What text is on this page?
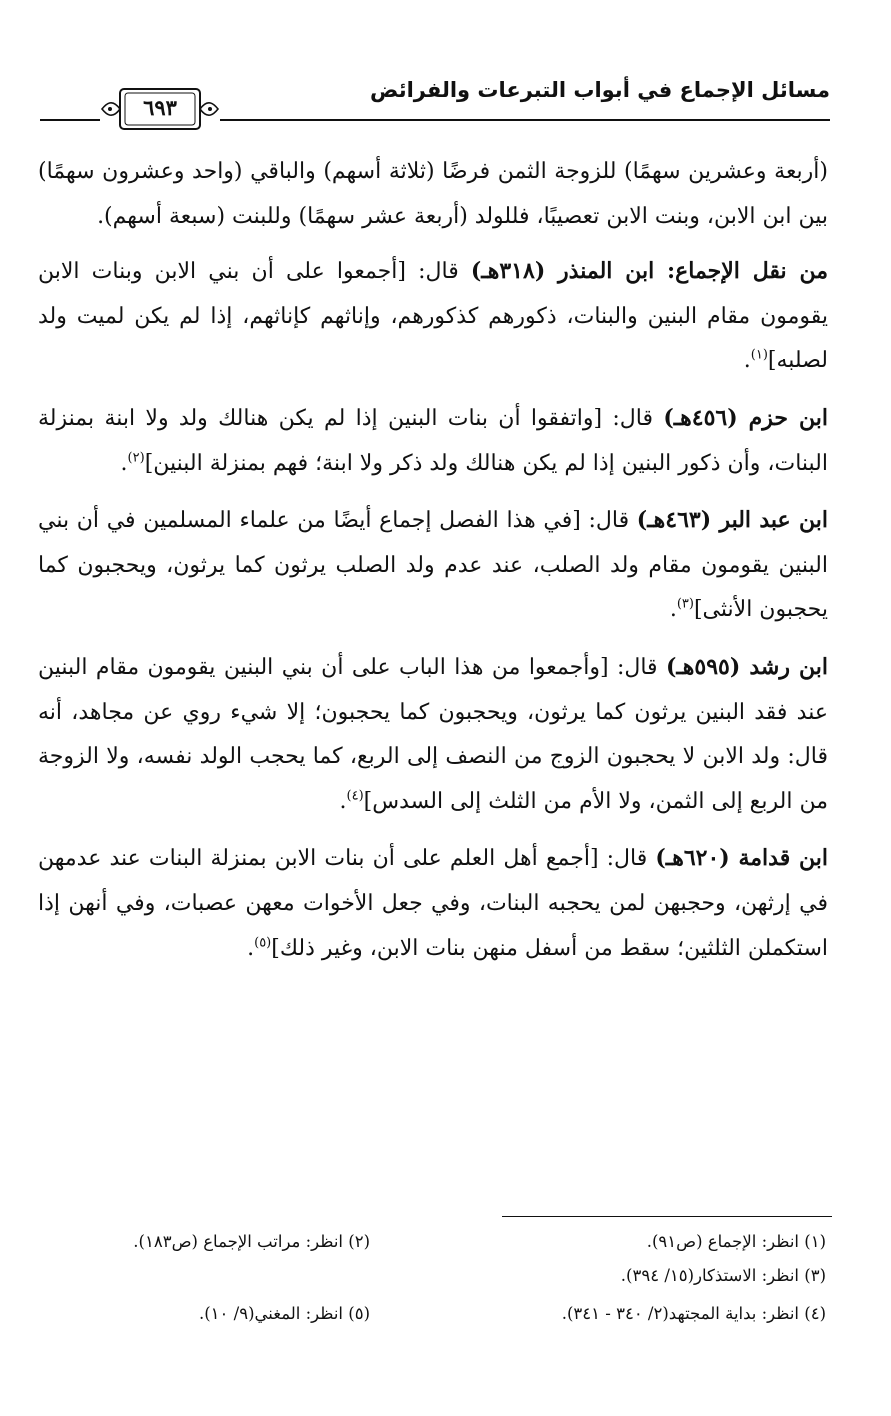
مسائل الإجماع في أبواب التبرعات والفرائض
٦٩٣

(أربعة وعشرين سهمًا) للزوجة الثمن فرضًا (ثلاثة أسهم) والباقي (واحد وعشرون سهمًا) بين ابن الابن، وبنت الابن تعصيبًا، فللولد (أربعة عشر سهمًا) وللبنت (سبعة أسهم).

من نقل الإجماع: ابن المنذر (٣١٨هـ) قال: [أجمعوا على أن بني الابن وبنات الابن يقومون مقام البنين والبنات، ذكورهم كذكورهم، وإناثهم كإناثهم، إذا لم يكن لميت ولد لصلبه]$^{(١)}$.

ابن حزم (٤٥٦هـ) قال: [واتفقوا أن بنات البنين إذا لم يكن هنالك ولد ولا ابنة بمنزلة البنات، وأن ذكور البنين إذا لم يكن هنالك ولد ذكر ولا ابنة؛ فهم بمنزلة البنين]$^{(٢)}$.

ابن عبد البر (٤٦٣هـ) قال: [في هذا الفصل إجماع أيضًا من علماء المسلمين في أن بني البنين يقومون مقام ولد الصلب، عند عدم ولد الصلب يرثون كما يرثون، ويحجبون كما يحجبون الأنثى]$^{(٣)}$.

ابن رشد (٥٩٥هـ) قال: [وأجمعوا من هذا الباب على أن بني البنين يقومون مقام البنين عند فقد البنين يرثون كما يرثون، ويحجبون كما يحجبون؛ إلا شيء روي عن مجاهد، أنه قال: ولد الابن لا يحجبون الزوج من النصف إلى الربع، كما يحجب الولد نفسه، ولا الزوجة من الربع إلى الثمن، ولا الأم من الثلث إلى السدس]$^{(٤)}$.

ابن قدامة (٦٢٠هـ) قال: [أجمع أهل العلم على أن بنات الابن بمنزلة البنات عند عدمهن في إرثهن، وحجبهن لمن يحجبه البنات، وفي جعل الأخوات معهن عصبات، وفي أنهن إذا استكملن الثلثين؛ سقط من أسفل منهن بنات الابن، وغير ذلك]$^{(٥)}$.

(١) انظر: الإجماع (ص٩١).
(٢) انظر: مراتب الإجماع (ص١٨٣).
(٣) انظر: الاستذكار(١٥/ ٣٩٤).
(٤) انظر: بداية المجتهد(٢/ ٣٤٠ - ٣٤١).
(٥) انظر: المغني(٩/ ١٠).
